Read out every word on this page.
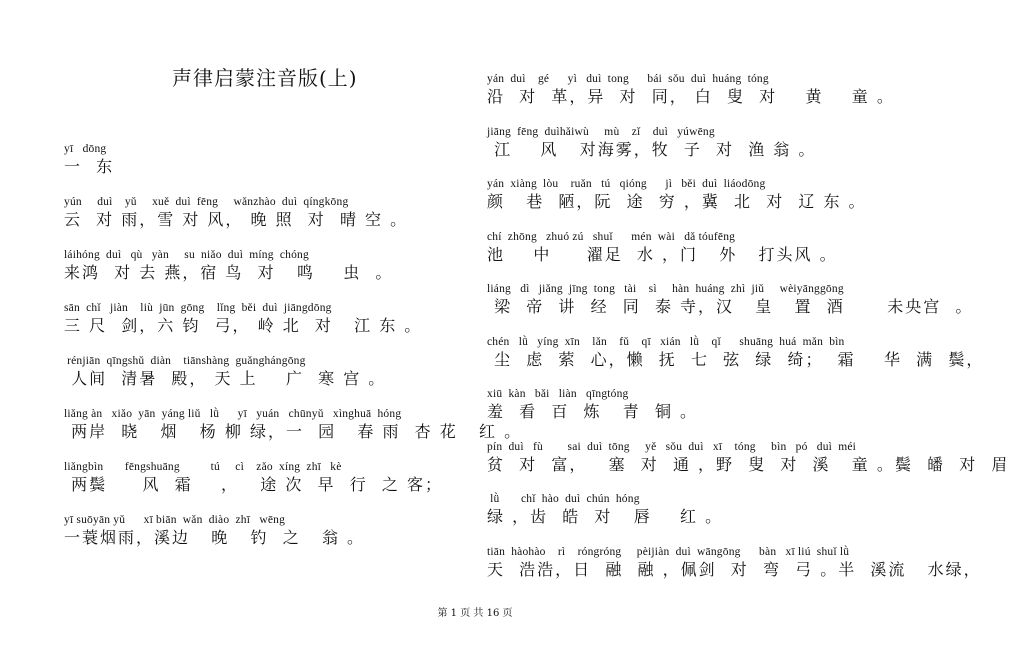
声律启蒙注音版(上)
yī   dōng
一  东
yún     duì    yǔ     xuě  duì  fēng     wǎnzhào  duì  qíngkōng
云  对 雨，雪 对 风， 晚 照  对  晴 空 。
láihóng  duì   qù   yàn     su  niǎo  duì  míng  chóng
来鸿  对 去 燕，宿 鸟  对   鸣    虫  。
sān  chǐ   jiàn    liù  jūn  gōng    lǐng  běi  duì  jiāngdōng
三 尺  剑，六 钧  弓， 岭 北  对   江 东 。
rénjiān  qīngshǔ  diàn    tiānshàng  guǎnghángōng
人间  清暑  殿， 天 上    广  寒 宫 。
liǎng àn   xiǎo  yān  yáng liǔ   lǜ      yī   yuán   chūnyǔ   xìnghuā  hóng
两岸  晓   烟   杨 柳 绿，一  园   春 雨  杏 花   红 。
liǎngbìn       fēngshuāng          tú     cì    zǎo  xíng  zhī   kè
两鬓     风  霜    ，   途 次  早  行  之 客；
yī suōyān yǔ      xī biān  wǎn  diào  zhī   wēng
一蓑烟雨，溪边   晚   钓  之   翁 。
yán  duì    gé      yì   duì  tong      bái  sǒu  duì  huáng  tóng
沿  对  革，异  对  同， 白  叟  对    黄    童 。
jiāng  fēng  duìhǎiwù     mù    zǐ    duì   yúwēng
江    风   对海雾，牧  子  对  渔 翁 。
yán  xiàng  lòu    ruǎn   tú   qióng      jì   běi  duì  liáodōng
颜   巷  陋，阮  途  穷 ，冀  北  对  辽 东 。
chí  zhōng   zhuó zú   shuǐ      mén  wài   dǎ tóufēng
池    中     濯足  水 ，门   外   打头风 。
liáng   dì   jiǎng  jīng  tong   tài    sì     hàn  huáng  zhì  jiǔ     wèiyānggōng
梁  帝  讲  经  同  泰 寺，汉   皇   置  酒      未央宫  。
chén   lǜ   yíng  xīn    lǎn    fǔ    qī   xián   lǜ    qǐ      shuāng  huá  mǎn  bìn
尘  虑  萦  心，懒  抚  七  弦  绿  绮；  霜    华  满  鬓，
xiū  kàn   bǎi   liàn   qīngtóng
羞  看  百  炼   青  铜 。
pín  duì   fù        sai  duì  tōng     yě   sǒu  duì   xī    tóng     bìn   pó   duì  méi
贫  对  富，   塞  对  通 ，野  叟  对  溪   童 。鬓  皤  对  眉
lǜ       chǐ  hào  duì  chún  hóng
绿 ，齿  皓  对   唇    红 。
tiān  hàohào    rì    róngróng     pèijiàn  duì  wāngōng      bàn   xī liú  shuǐ lǜ
天  浩浩，日  融  融 ，佩剑  对  弯  弓 。半  溪流   水绿，
第 1 页 共 16 页
